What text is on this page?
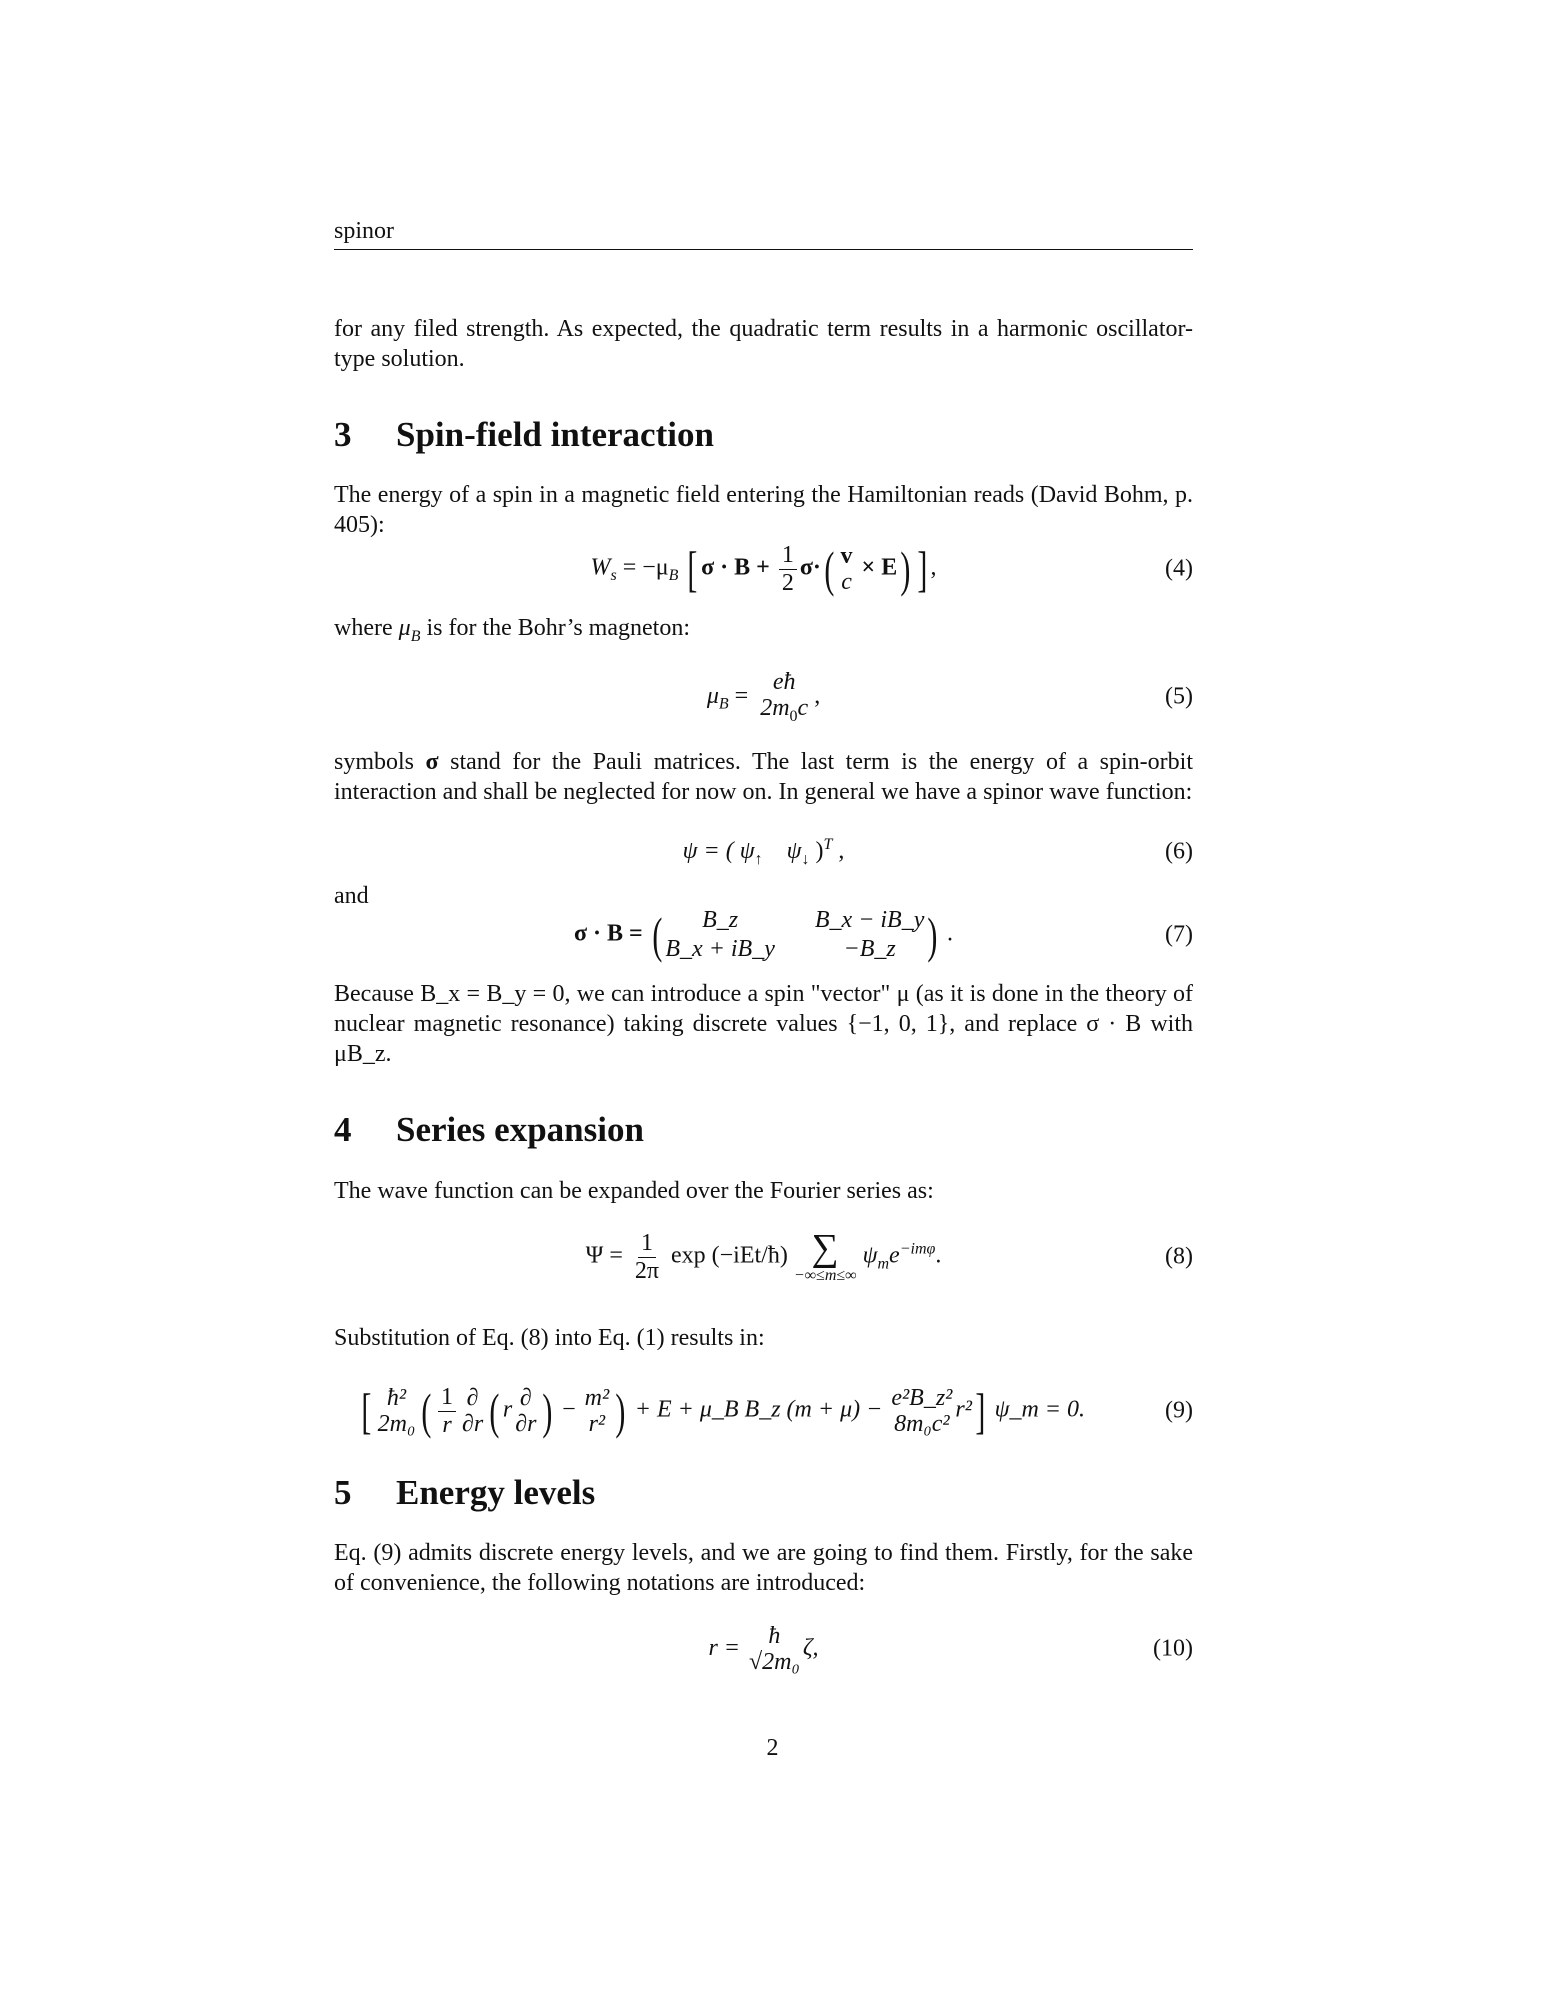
spinor
for any filed strength. As expected, the quadratic term results in a harmonic oscillator-type solution.
3 Spin-field interaction
The energy of a spin in a magnetic field entering the Hamiltonian reads (David Bohm, p. 405):
$W_s = -\mu_B$ [ $\sigma \cdot B + \frac{1}{2} \sigma\cdot$( v
c
× E) ] ,	(4)
where $\mu_B$ is for the Bohr’s magneton:
$\mu_B$ =
eħ
$2m_0c$ ,	(5)
symbols σ stand for the Pauli matrices. The last term is the energy of a spin-orbit interaction and shall be neglected for now on. In general we have a spinor wave function:
ψ = ( $\psi_↑$ $\psi_↓$ )$^T$ ,	(6)
and
σ · B = (	B_z	B_x − iB_y
B_x + iB_y	−B_z ) .	(7)
Because B_x = B_y = 0, we can introduce a spin "vector" μ (as it is done in the theory of nuclear magnetic resonance) taking discrete values {−1, 0, 1}, and replace σ · B with μB_z.
4 Series expansion
The wave function can be expanded over the Fourier series as:
$\Psi = \frac{1}{2\pi}$ exp (−iEt/ħ) ∑
−∞≤m≤∞
$\psi_me^{-im\varphi}$.	(8)
Substitution of Eq. (8) into Eq. (1) results in:
[ ħ²
2m₀ ( $\frac{1}{r}$ ∂
∂r ( r ∂
∂r ) − m²
r² ) + E + μ_B B_z (m + μ) − e²B_z²
8m₀c²
r²] ψ_m = 0.	(9)
5 Energy levels
Eq. (9) admits discrete energy levels, and we are going to find them. Firstly, for the sake of convenience, the following notations are introduced:
r = ħ
√2m₀
ζ,	(10)
2
